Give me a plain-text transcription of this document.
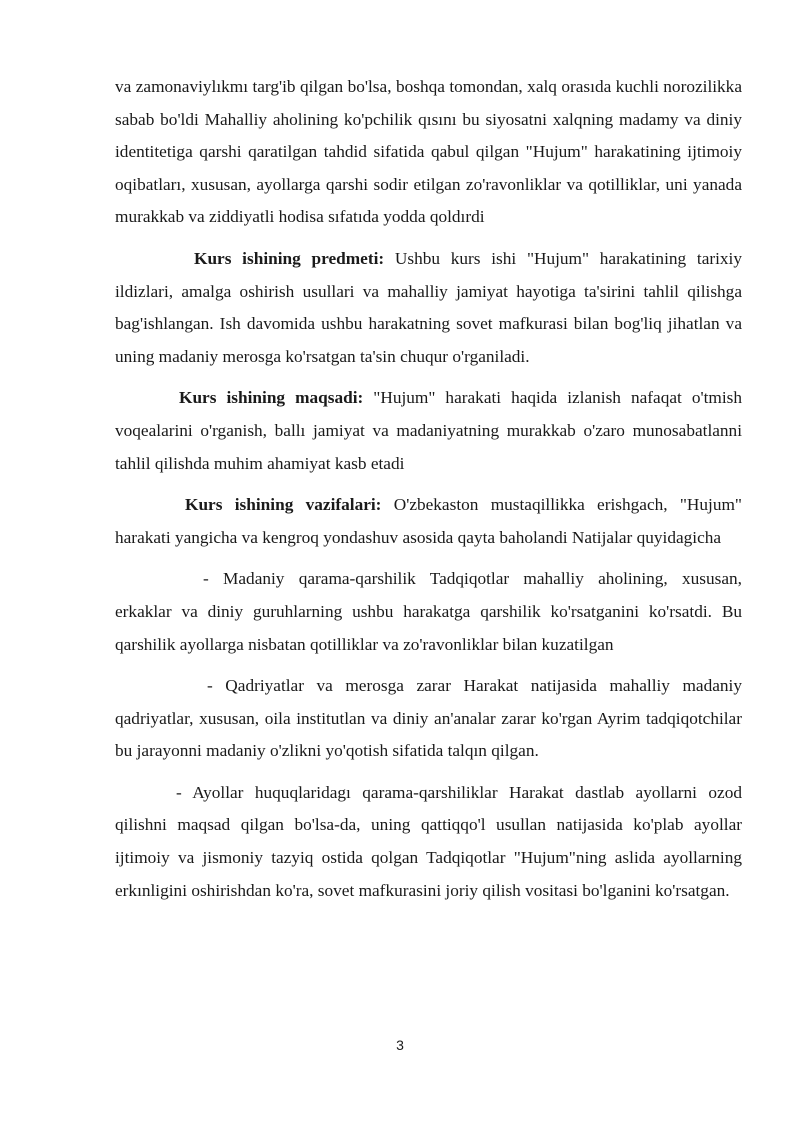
va zamonaviylıkmı targ'ib qilgan bo'lsa, boshqa tomondan, xalq orasıda kuchli norozilikka sabab bo'ldi Mahalliy aholining ko'pchilik qısını bu siyosatni xalqning madamy va diniy identitetiga qarshi qaratilgan tahdid sifatida qabul qilgan "Hujum" harakatining ijtimoiy oqibatları, xususan, ayollarga qarshi sodir etilgan zo'ravonliklar va qotilliklar, uni yanada murakkab va ziddiyatli hodisa sıfatıda yodda qoldırdi

Kurs ishining predmeti: Ushbu kurs ishi "Hujum" harakatining tarixiy ildizlari, amalga oshirish usullari va mahalliy jamiyat hayotiga ta'sirini tahlil qilishga bag'ishlangan. Ish davomida ushbu harakatning sovet mafkurasi bilan bog'liq jihatlan va uning madaniy merosga ko'rsatgan ta'sin chuqur o'rganiladi.

Kurs ishining maqsadi: "Hujum" harakati haqida izlanish nafaqat o'tmish voqealarini o'rganish, ballı jamiyat va madaniyatning murakkab o'zaro munosabatlanni tahlil qilishda muhim ahamiyat kasb etadi

Kurs ishining vazifalari: O'zbekaston mustaqillikka erishgach, "Hujum" harakati yangicha va kengroq yondashuv asosida qayta baholandi Natijalar quyidagicha

- Madaniy qarama-qarshilik Tadqiqotlar mahalliy aholining, xususan, erkaklar va diniy guruhlarning ushbu harakatga qarshilik ko'rsatganini ko'rsatdi. Bu qarshilik ayollarga nisbatan qotilliklar va zo'ravonliklar bilan kuzatilgan

- Qadriyatlar va merosga zarar Harakat natijasida mahalliy madaniy qadriyatlar, xususan, oila institutlan va diniy an'analar zarar ko'rgan Ayrim tadqiqotchilar bu jarayonni madaniy o'zlikni yo'qotish sifatida talqın qilgan.

- Ayollar huquqlaridagı qarama-qarshiliklar Harakat dastlab ayollarni ozod qilishni maqsad qilgan bo'lsa-da, uning qattiqqo'l usullan natijasida ko'plab ayollar ijtimoiy va jismoniy tazyiq ostida qolgan Tadqiqotlar "Hujum"ning aslida ayollarning erkınligini oshirishdan ko'ra, sovet mafkurasini joriy qilish vositasi bo'lganini ko'rsatgan.

3
